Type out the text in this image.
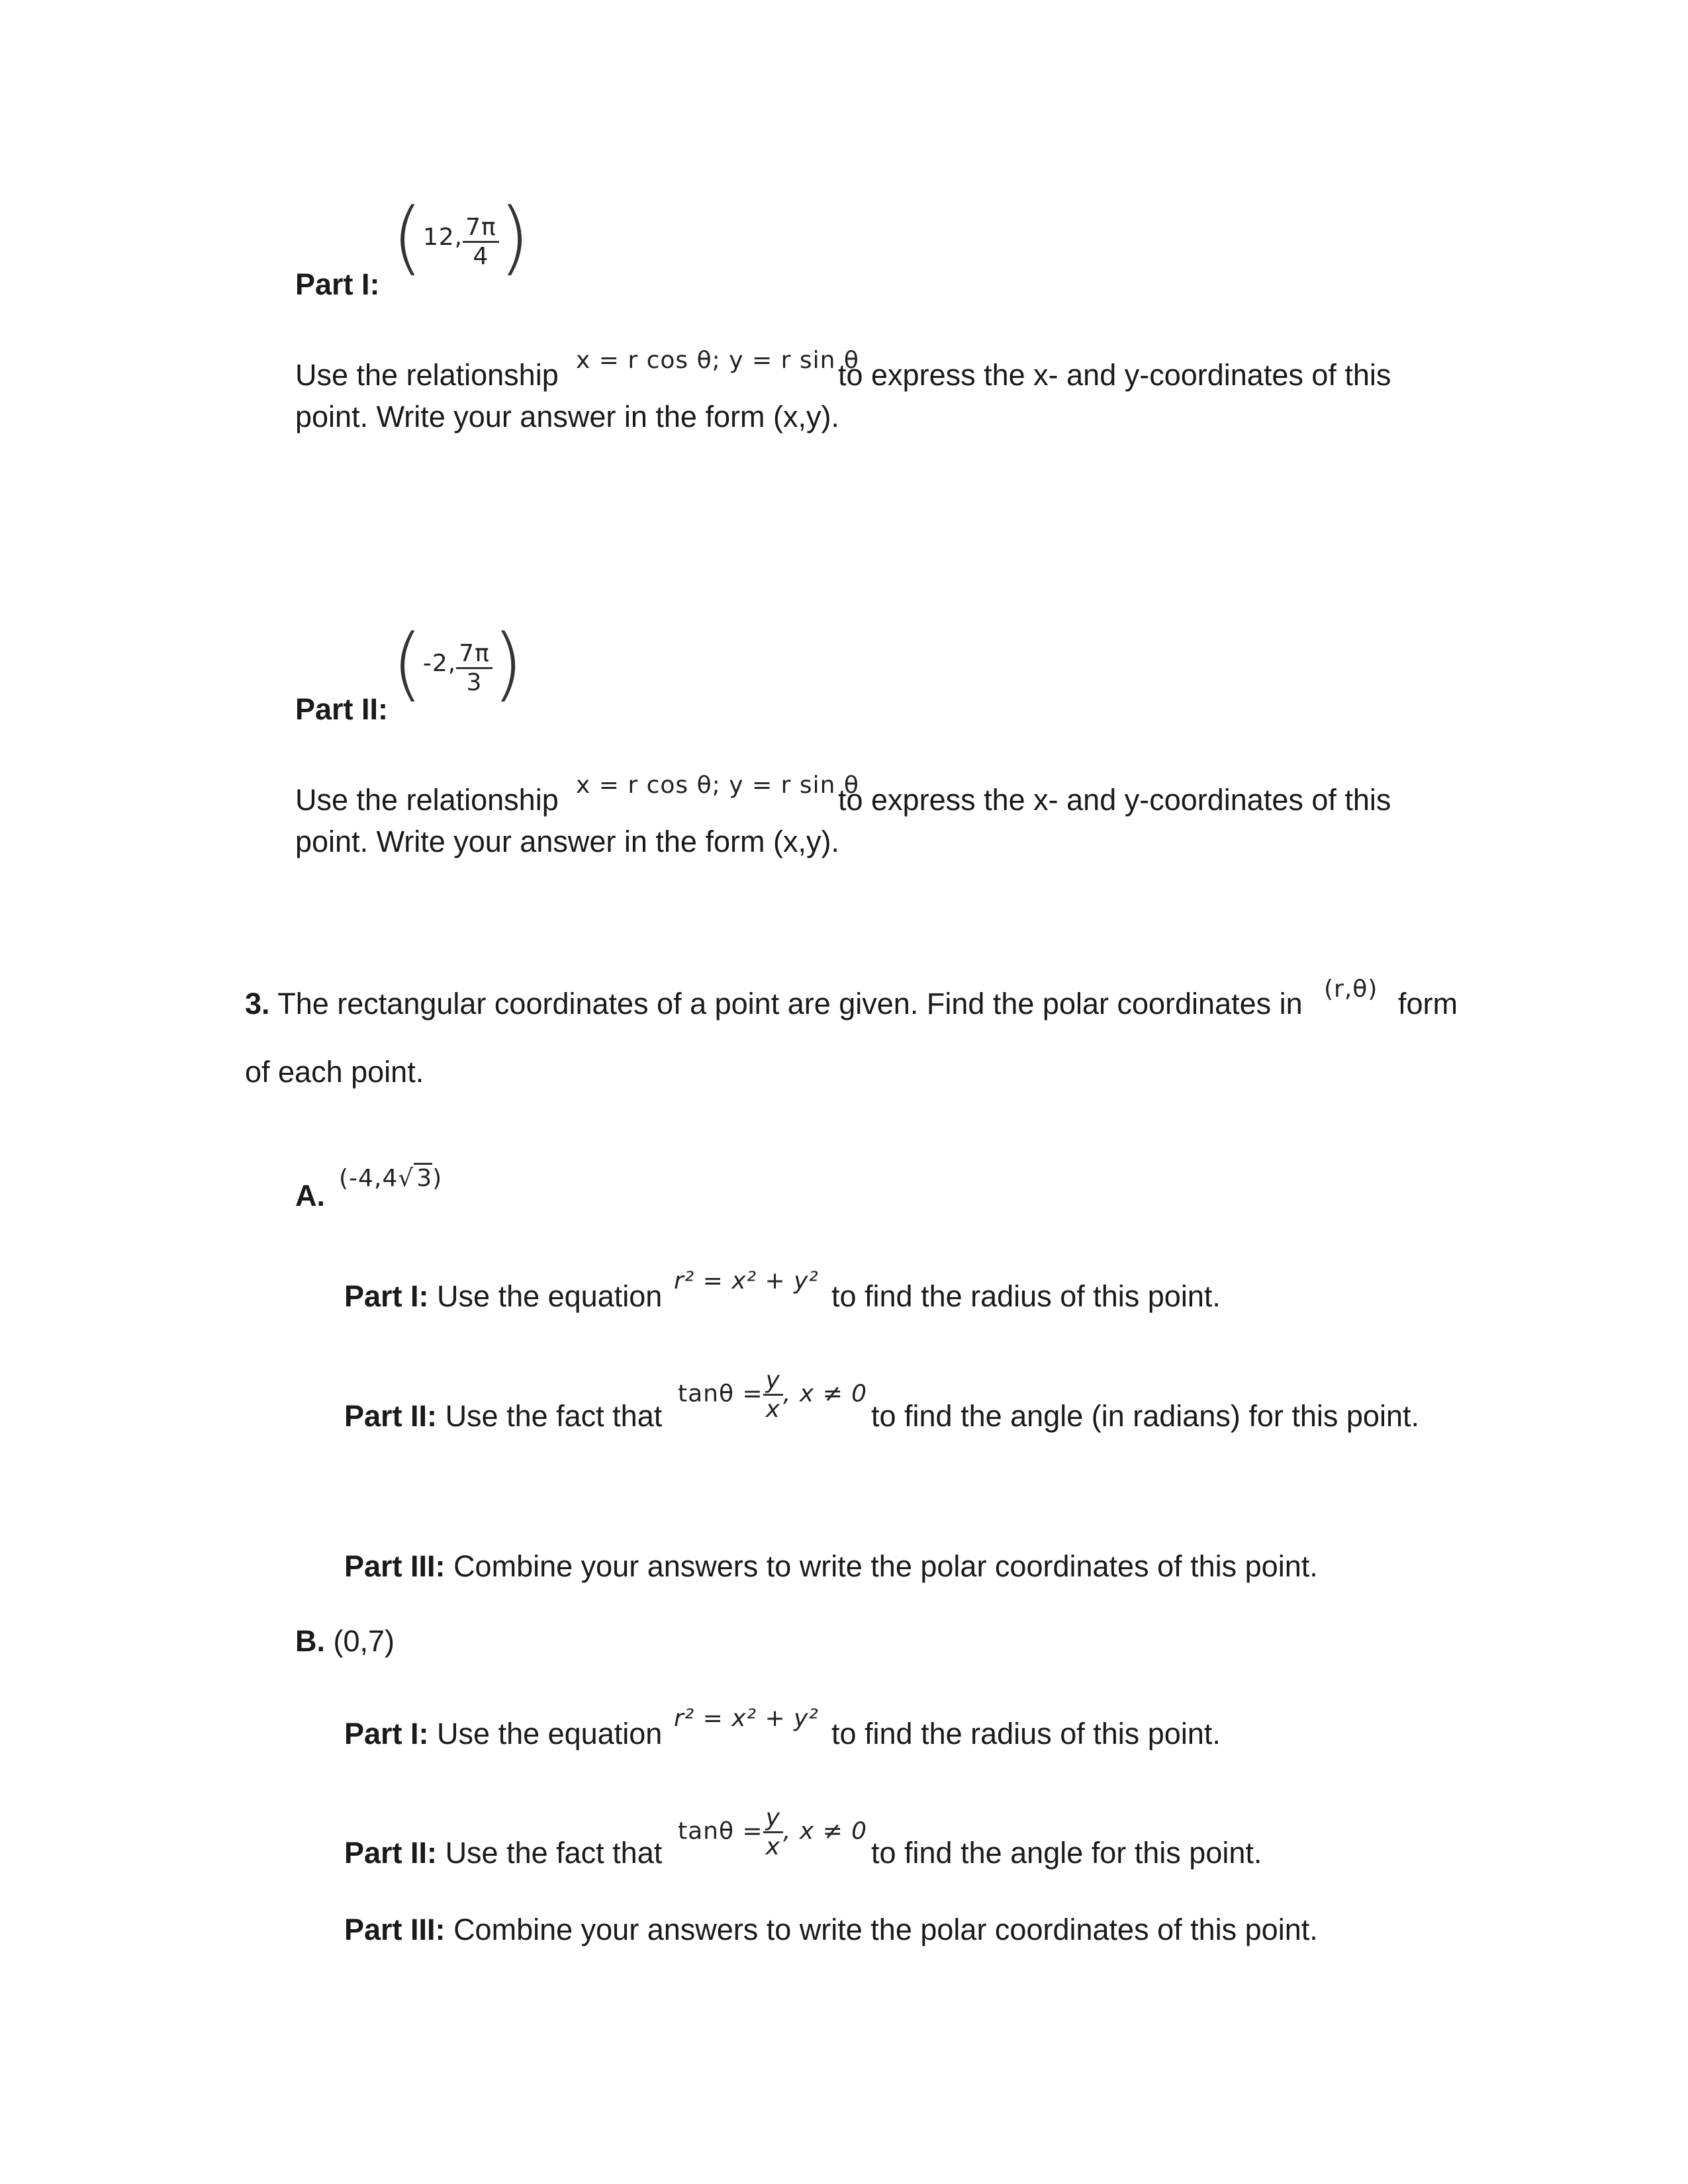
(12, $\frac{7\pi}{4}$ )
Part I:
Use the relationship x = r cos θ; y = r sin θ
to express the x- and y-coordinates of this
point. Write your answer in the form (x,y).
(-2, $\frac{7\pi}{3}$ )
Part II:
Use the relationship x = r cos θ; y = r sin θ
to express the x- and y-coordinates of this
point. Write your answer in the form (x,y).
3. The rectangular coordinates of a point are given. Find the polar coordinates in (r,θ) form
of each point.
A.
(-4,4√ 3)
Part I: Use the equation r² = x² + y² to find the radius of this point.
$\tan\theta = \frac{y}{x}$ , x ≠ 0
Part II: Use the fact that	to find the angle (in radians) for this point.
Part III: Combine your answers to write the polar coordinates of this point.
B. (0,7)
Part I: Use the equation r² = x² + y² to find the radius of this point.
$\tan\theta = \frac{y}{x}$ , x ≠ 0
Part II: Use the fact that	to find the angle for this point.
Part III: Combine your answers to write the polar coordinates of this point.
